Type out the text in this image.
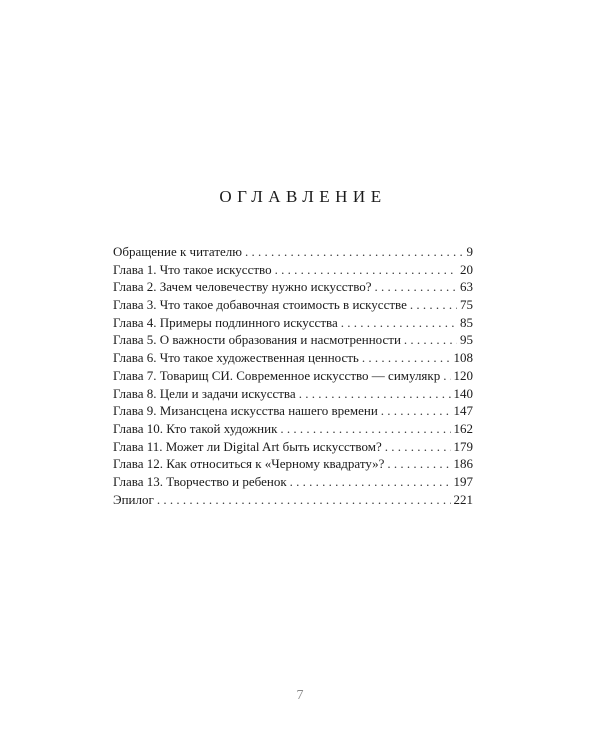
ОГЛАВЛЕНИЕ
Обращение к читателю . . .	9
Глава 1. Что такое искусство . . .	20
Глава 2. Зачем человечеству нужно искусство? . . .	63
Глава 3. Что такое добавочная стоимость в искусстве . . .	75
Глава 4. Примеры подлинного искусства . . .	85
Глава 5. О важности образования и насмотренности . . .	95
Глава 6. Что такое художественная ценность . . .	108
Глава 7. Товарищ СИ. Современное искусство — симулякр . . . 120
Глава 8. Цели и задачи искусства . . .	140
Глава 9. Мизансцена искусства нашего времени . . .	147
Глава 10. Кто такой художник . . .	162
Глава 11. Может ли Digital Art быть искусством? . . .	179
Глава 12. Как относиться к «Черному квадрату»? . . .	186
Глава 13. Творчество и ребенок . . .	197
Эпилог . . .	221
7
